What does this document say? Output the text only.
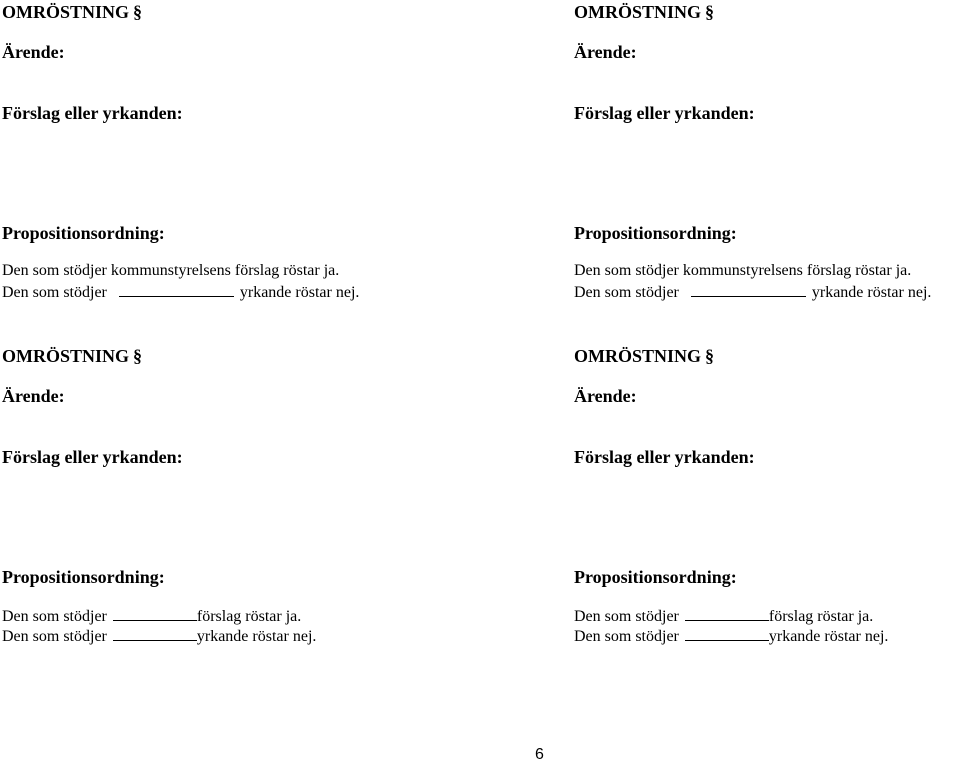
OMRÖSTNING §
Ärende:
Förslag eller yrkanden:
Propositionsordning:
Den som stödjer kommunstyrelsens förslag röstar ja.
Den som stödjer	yrkande röstar nej.
OMRÖSTNING §
Ärende:
Förslag eller yrkanden:
Propositionsordning:
Den som stödjer kommunstyrelsens förslag röstar ja.
Den som stödjer	yrkande röstar nej.
OMRÖSTNING §
Ärende:
Förslag eller yrkanden:
Propositionsordning:
Den som stödjer	förslag röstar ja.
Den som stödjer	yrkande röstar nej.
OMRÖSTNING §
Ärende:
Förslag eller yrkanden:
Propositionsordning:
Den som stödjer	förslag röstar ja.
Den som stödjer	yrkande röstar nej.
6
